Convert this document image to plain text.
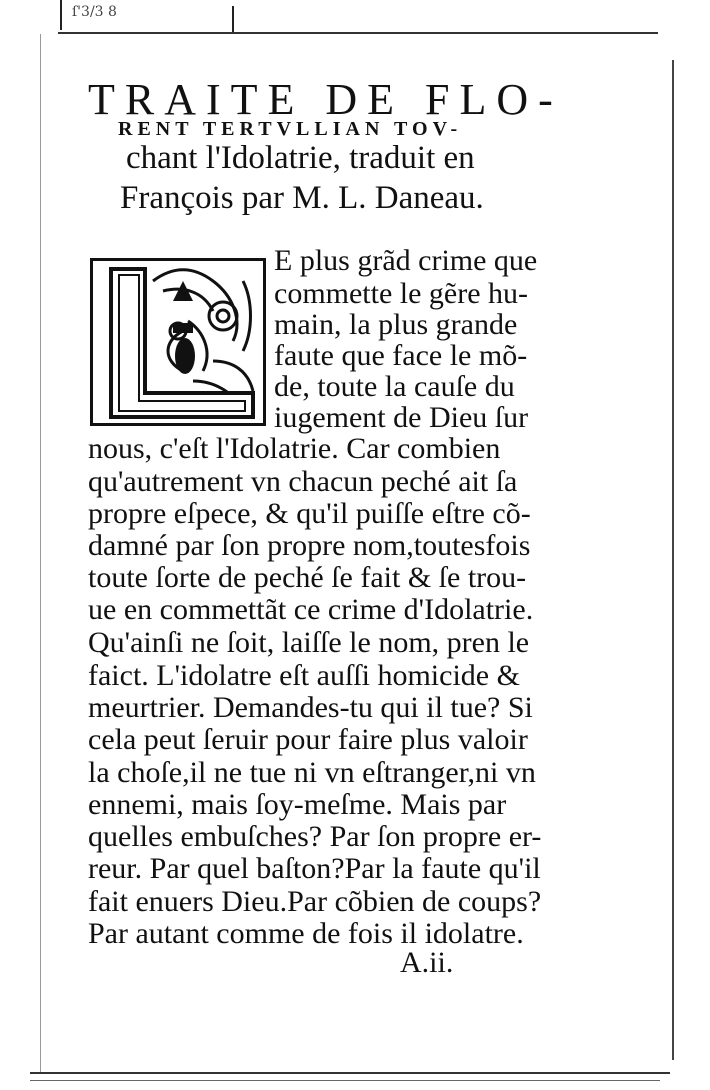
ſ'3/3 8
TRAITE DE FLO-
RENT TERTVLLIAN TOV-
chant l'Idolatrie, traduit en
François par M. L. Daneau.
E plus grãd crime que
commette le gẽre hu-
main, la plus grande
faute que face le mõ-
de, toute la cauſe du
iugement de Dieu ſur
nous, c'eſt l'Idolatrie. Car combien
qu'autrement vn chacun peché ait ſa
propre eſpece, & qu'il puiſſe eſtre cõ-
damné par ſon propre nom,toutesfois
toute ſorte de peché ſe fait & ſe trou-
ue en commettãt ce crime d'Idolatrie.
Qu'ainſi ne ſoit, laiſſe le nom, pren le
faict. L'idolatre eſt auſſi homicide &
meurtrier. Demandes-tu qui il tue? Si
cela peut ſeruir pour faire plus valoir
la choſe,il ne tue ni vn eſtranger,ni vn
ennemi, mais ſoy-meſme. Mais par
quelles embuſches? Par ſon propre er-
reur. Par quel baſton?Par la faute qu'il
fait enuers Dieu.Par cõbien de coups?
Par autant comme de fois il idolatre.
A.ii.
